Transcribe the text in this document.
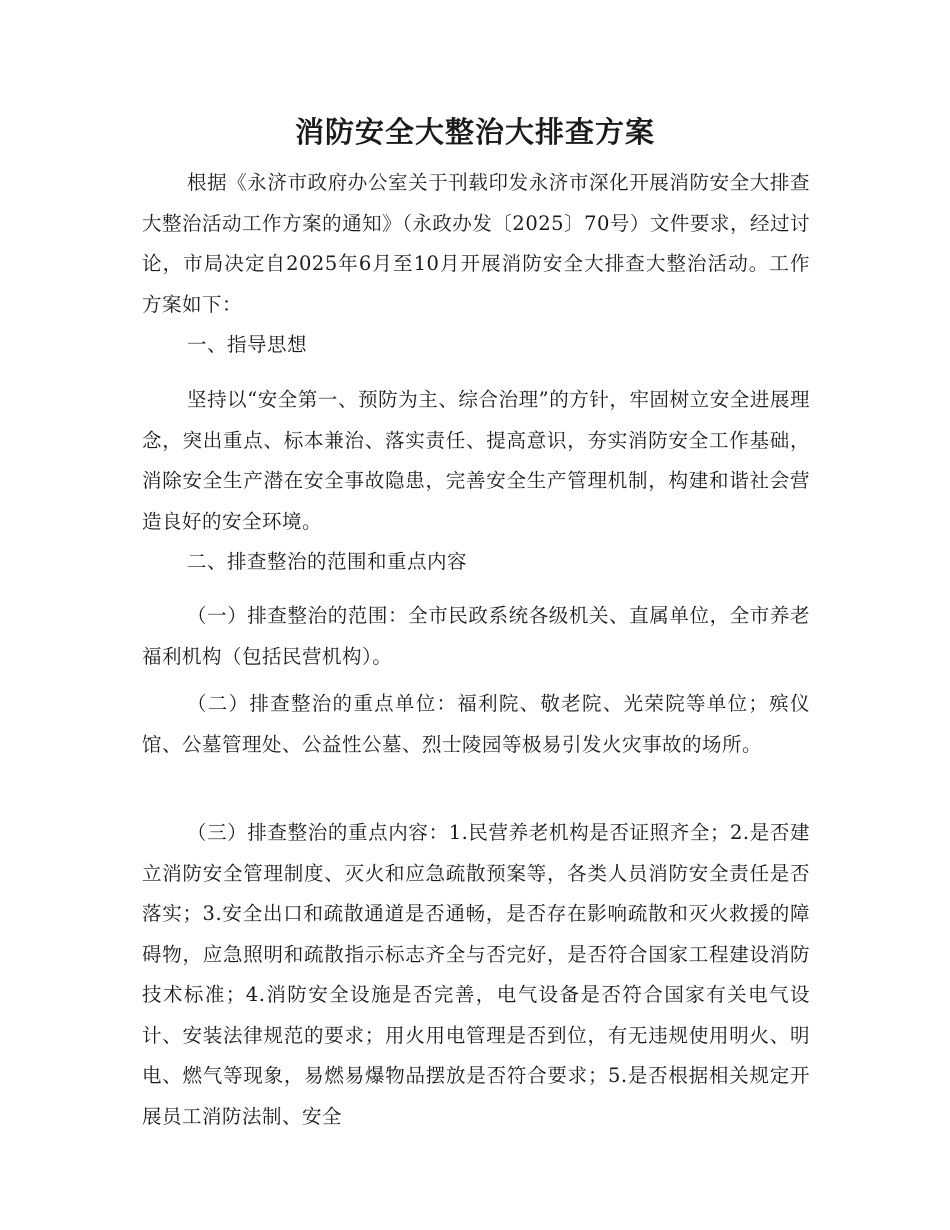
消防安全大整治大排查方案
根据《永济市政府办公室关于刊载印发永济市深化开展消防安全大排查大整治活动工作方案的通知》（永政办发〔2025〕70号）文件要求，经过讨论，市局决定自2025年6月至10月开展消防安全大排查大整治活动。工作方案如下：
一、指导思想
坚持以“安全第一、预防为主、综合治理”的方针，牢固树立安全进展理念，突出重点、标本兼治、落实责任、提高意识，夯实消防安全工作基础，消除安全生产潜在安全事故隐患，完善安全生产管理机制，构建和谐社会营造良好的安全环境。
二、排查整治的范围和重点内容
（一）排查整治的范围：全市民政系统各级机关、直属单位，全市养老福利机构（包括民营机构）。
（二）排查整治的重点单位：福利院、敬老院、光荣院等单位；殡仪馆、公墓管理处、公益性公墓、烈士陵园等极易引发火灾事故的场所。
（三）排查整治的重点内容：1.民营养老机构是否证照齐全；2.是否建立消防安全管理制度、灭火和应急疏散预案等，各类人员消防安全责任是否落实；3.安全出口和疏散通道是否通畅，是否存在影响疏散和灭火救援的障碍物，应急照明和疏散指示标志齐全与否完好，是否符合国家工程建设消防技术标准；4.消防安全设施是否完善，电气设备是否符合国家有关电气设计、安装法律规范的要求；用火用电管理是否到位，有无违规使用明火、明电、燃气等现象，易燃易爆物品摆放是否符合要求；5.是否根据相关规定开展员工消防法制、安全
